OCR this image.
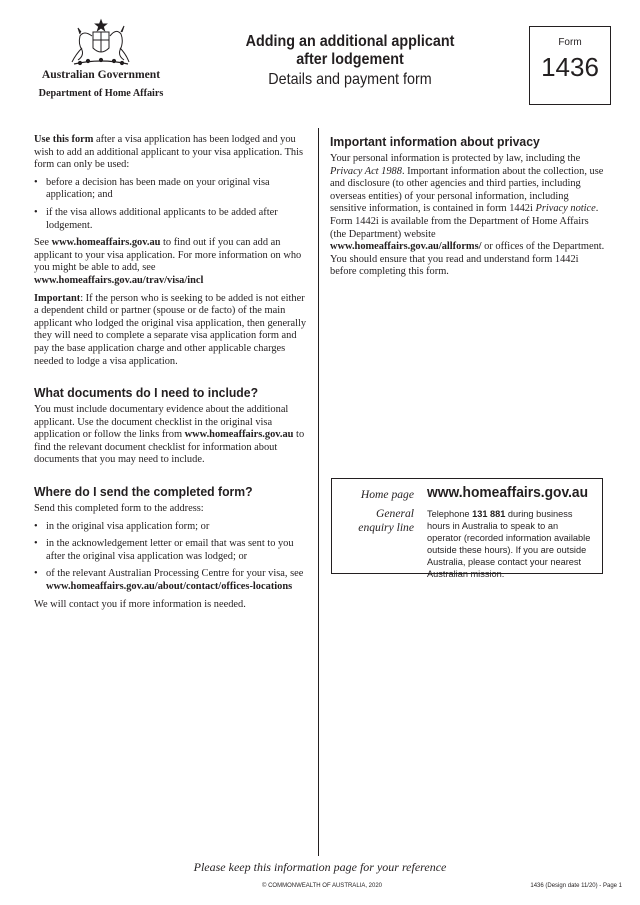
Australian Government
Department of Home Affairs
Adding an additional applicant after lodgement
Details and payment form
Form
1436

Use this form after a visa application has been lodged and you wish to add an additional applicant to your visa application. This form can only be used:

• before a decision has been made on your original visa application; and
• if the visa allows additional applicants to be added after lodgement.

See www.homeaffairs.gov.au to find out if you can add an applicant to your visa application. For more information on who you might be able to add, see
www.homeaffairs.gov.au/trav/visa/incl

Important: If the person who is seeking to be added is not either a dependent child or partner (spouse or de facto) of the main applicant who lodged the original visa application, then generally they will need to complete a separate visa application form and pay the base application charge and other applicable charges needed to lodge a visa application.

What documents do I need to include?

You must include documentary evidence about the additional applicant. Use the document checklist in the original visa application or follow the links from www.homeaffairs.gov.au to find the relevant document checklist for information about documents that you may need to include.

Where do I send the completed form?

Send this completed form to the address:

• in the original visa application form; or
• in the acknowledgement letter or email that was sent to you after the original visa application was lodged; or
• of the relevant Australian Processing Centre for your visa, see
www.homeaffairs.gov.au/about/contact/offices-locations

We will contact you if more information is needed.

Important information about privacy

Your personal information is protected by law, including the Privacy Act 1988. Important information about the collection, use and disclosure (to other agencies and third parties, including overseas entities) of your personal information, including sensitive information, is contained in form 1442i Privacy notice. Form 1442i is available from the Department of Home Affairs (the Department) website
www.homeaffairs.gov.au/allforms/ or offices of the Department. You should ensure that you read and understand form 1442i before completing this form.

Home page www.homeaffairs.gov.au
General
enquiry line
Telephone 131 881 during business hours in Australia to speak to an operator (recorded information available outside these hours). If you are outside Australia, please contact your nearest Australian mission.
Please keep this information page for your reference
© COMMONWEALTH OF AUSTRALIA, 2020	1436 (Design date 11/20) - Page 1
